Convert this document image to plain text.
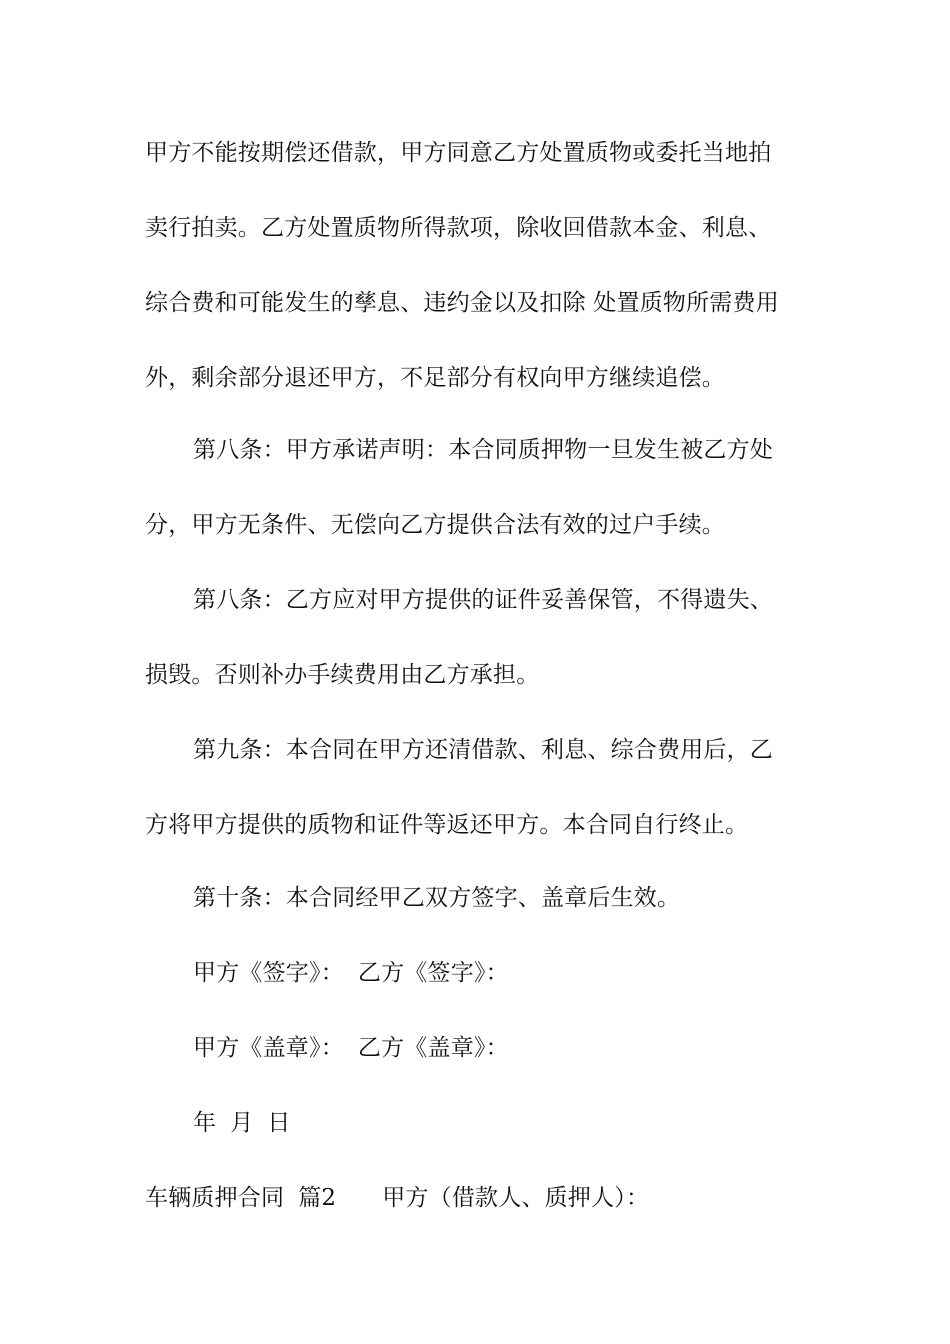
甲方不能按期偿还借款，甲方同意乙方处置质物或委托当地拍
卖行拍卖。乙方处置质物所得款项，除收回借款本金、利息、
综合费和可能发生的孳息、违约金以及扣除 处置质物所需费用
外，剩余部分退还甲方，不足部分有权向甲方继续追偿。
第八条：甲方承诺声明：本合同质押物一旦发生被乙方处
分，甲方无条件、无偿向乙方提供合法有效的过户手续。
第八条：乙方应对甲方提供的证件妥善保管，不得遗失、
损毁。否则补办手续费用由乙方承担。
第九条：本合同在甲方还清借款、利息、综合费用后，乙
方将甲方提供的质物和证件等返还甲方。本合同自行终止。
第十条：本合同经甲乙双方签字、盖章后生效。
甲方《签字》： 乙方《签字》：
甲方《盖章》： 乙方《盖章》：
年 月 日
车辆质押合同 篇2 甲方（借款人、质押人）：
